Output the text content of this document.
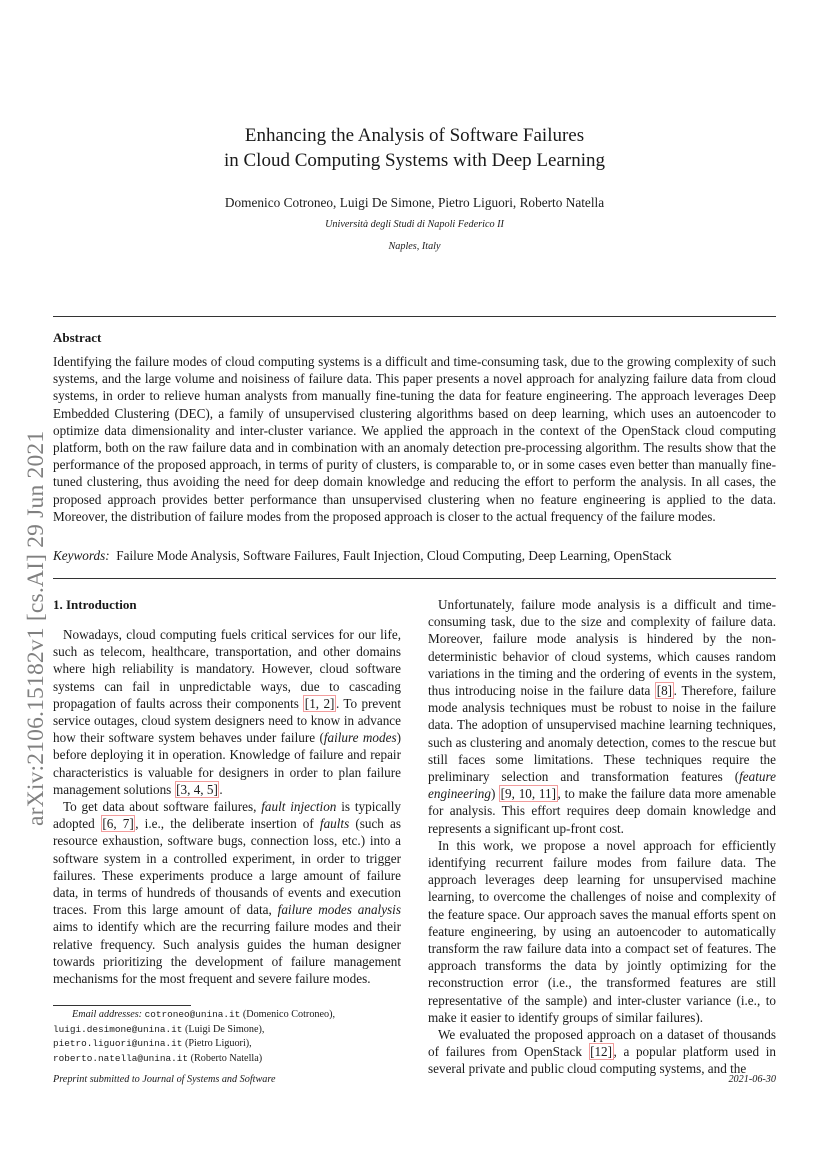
arXiv:2106.15182v1 [cs.AI] 29 Jun 2021
Enhancing the Analysis of Software Failures
in Cloud Computing Systems with Deep Learning
Domenico Cotroneo, Luigi De Simone, Pietro Liguori, Roberto Natella
Università degli Studi di Napoli Federico II
Naples, Italy
Abstract

Identifying the failure modes of cloud computing systems is a difficult and time-consuming task, due to the growing complexity of such systems, and the large volume and noisiness of failure data. This paper presents a novel approach for analyzing failure data from cloud systems, in order to relieve human analysts from manually fine-tuning the data for feature engineering. The approach leverages Deep Embedded Clustering (DEC), a family of unsupervised clustering algorithms based on deep learning, which uses an autoencoder to optimize data dimensionality and inter-cluster variance. We applied the approach in the context of the OpenStack cloud computing platform, both on the raw failure data and in combination with an anomaly detection pre-processing algorithm. The results show that the performance of the proposed approach, in terms of purity of clusters, is comparable to, or in some cases even better than manually fine-tuned clustering, thus avoiding the need for deep domain knowledge and reducing the effort to perform the analysis. In all cases, the proposed approach provides better performance than unsupervised clustering when no feature engineering is applied to the data. Moreover, the distribution of failure modes from the proposed approach is closer to the actual frequency of the failure modes.

Keywords: Failure Mode Analysis, Software Failures, Fault Injection, Cloud Computing, Deep Learning, OpenStack

1. Introduction

Nowadays, cloud computing fuels critical services for our life, such as telecom, healthcare, transportation, and other domains where high reliability is mandatory. However, cloud software systems can fail in unpredictable ways, due to cascading propagation of faults across their components [1, 2] . To prevent service outages, cloud system designers need to know in advance how their software system behaves under failure (failure modes) before deploying it in operation. Knowledge of failure and repair characteristics is valuable for designers in order to plan failure management solutions [3, 4, 5] .

To get data about software failures, fault injection is typically adopted [6, 7] , i.e., the deliberate insertion of faults (such as resource exhaustion, software bugs, connection loss, etc.) into a software system in a controlled experiment, in order to trigger failures. These experiments produce a large amount of failure data, in terms of hundreds of thousands of events and execution traces. From this large amount of data, failure modes analysis aims to identify which are the recurring failure modes and their relative frequency. Such analysis guides the human designer towards prioritizing the development of failure management mechanisms for the most frequent and severe failure modes.

Unfortunately, failure mode analysis is a difficult and time-consuming task, due to the size and complexity of failure data. Moreover, failure mode analysis is hindered by the non-deterministic behavior of cloud systems, which causes random variations in the timing and the ordering of events in the system, thus introducing noise in the failure data [8] . Therefore, failure mode analysis techniques must be robust to noise in the failure data. The adoption of unsupervised machine learning techniques, such as clustering and anomaly detection, comes to the rescue but still faces some limitations. These techniques require the preliminary selection and transformation features (feature engineering) [9, 10, 11] , to make the failure data more amenable for analysis. This effort requires deep domain knowledge and represents a significant up-front cost.

In this work, we propose a novel approach for efficiently identifying recurrent failure modes from failure data. The approach leverages deep learning for unsupervised machine learning, to overcome the challenges of noise and complexity of the feature space. Our approach saves the manual efforts spent on feature engineering, by using an autoencoder to automatically transform the raw failure data into a compact set of features. The approach transforms the data by jointly optimizing for the reconstruction error (i.e., the transformed features are still representative of the sample) and inter-cluster variance (i.e., to make it easier to identify groups of similar failures).

We evaluated the proposed approach on a dataset of thousands of failures from OpenStack [12] , a popular platform used in several private and public cloud computing systems, and the

Email addresses: cotroneo@unina.it (Domenico Cotroneo),
luigi.desimone@unina.it (Luigi De Simone),
pietro.liguori@unina.it (Pietro Liguori),
roberto.natella@unina.it (Roberto Natella)
Preprint submitted to Journal of Systems and Software	2021-06-30
